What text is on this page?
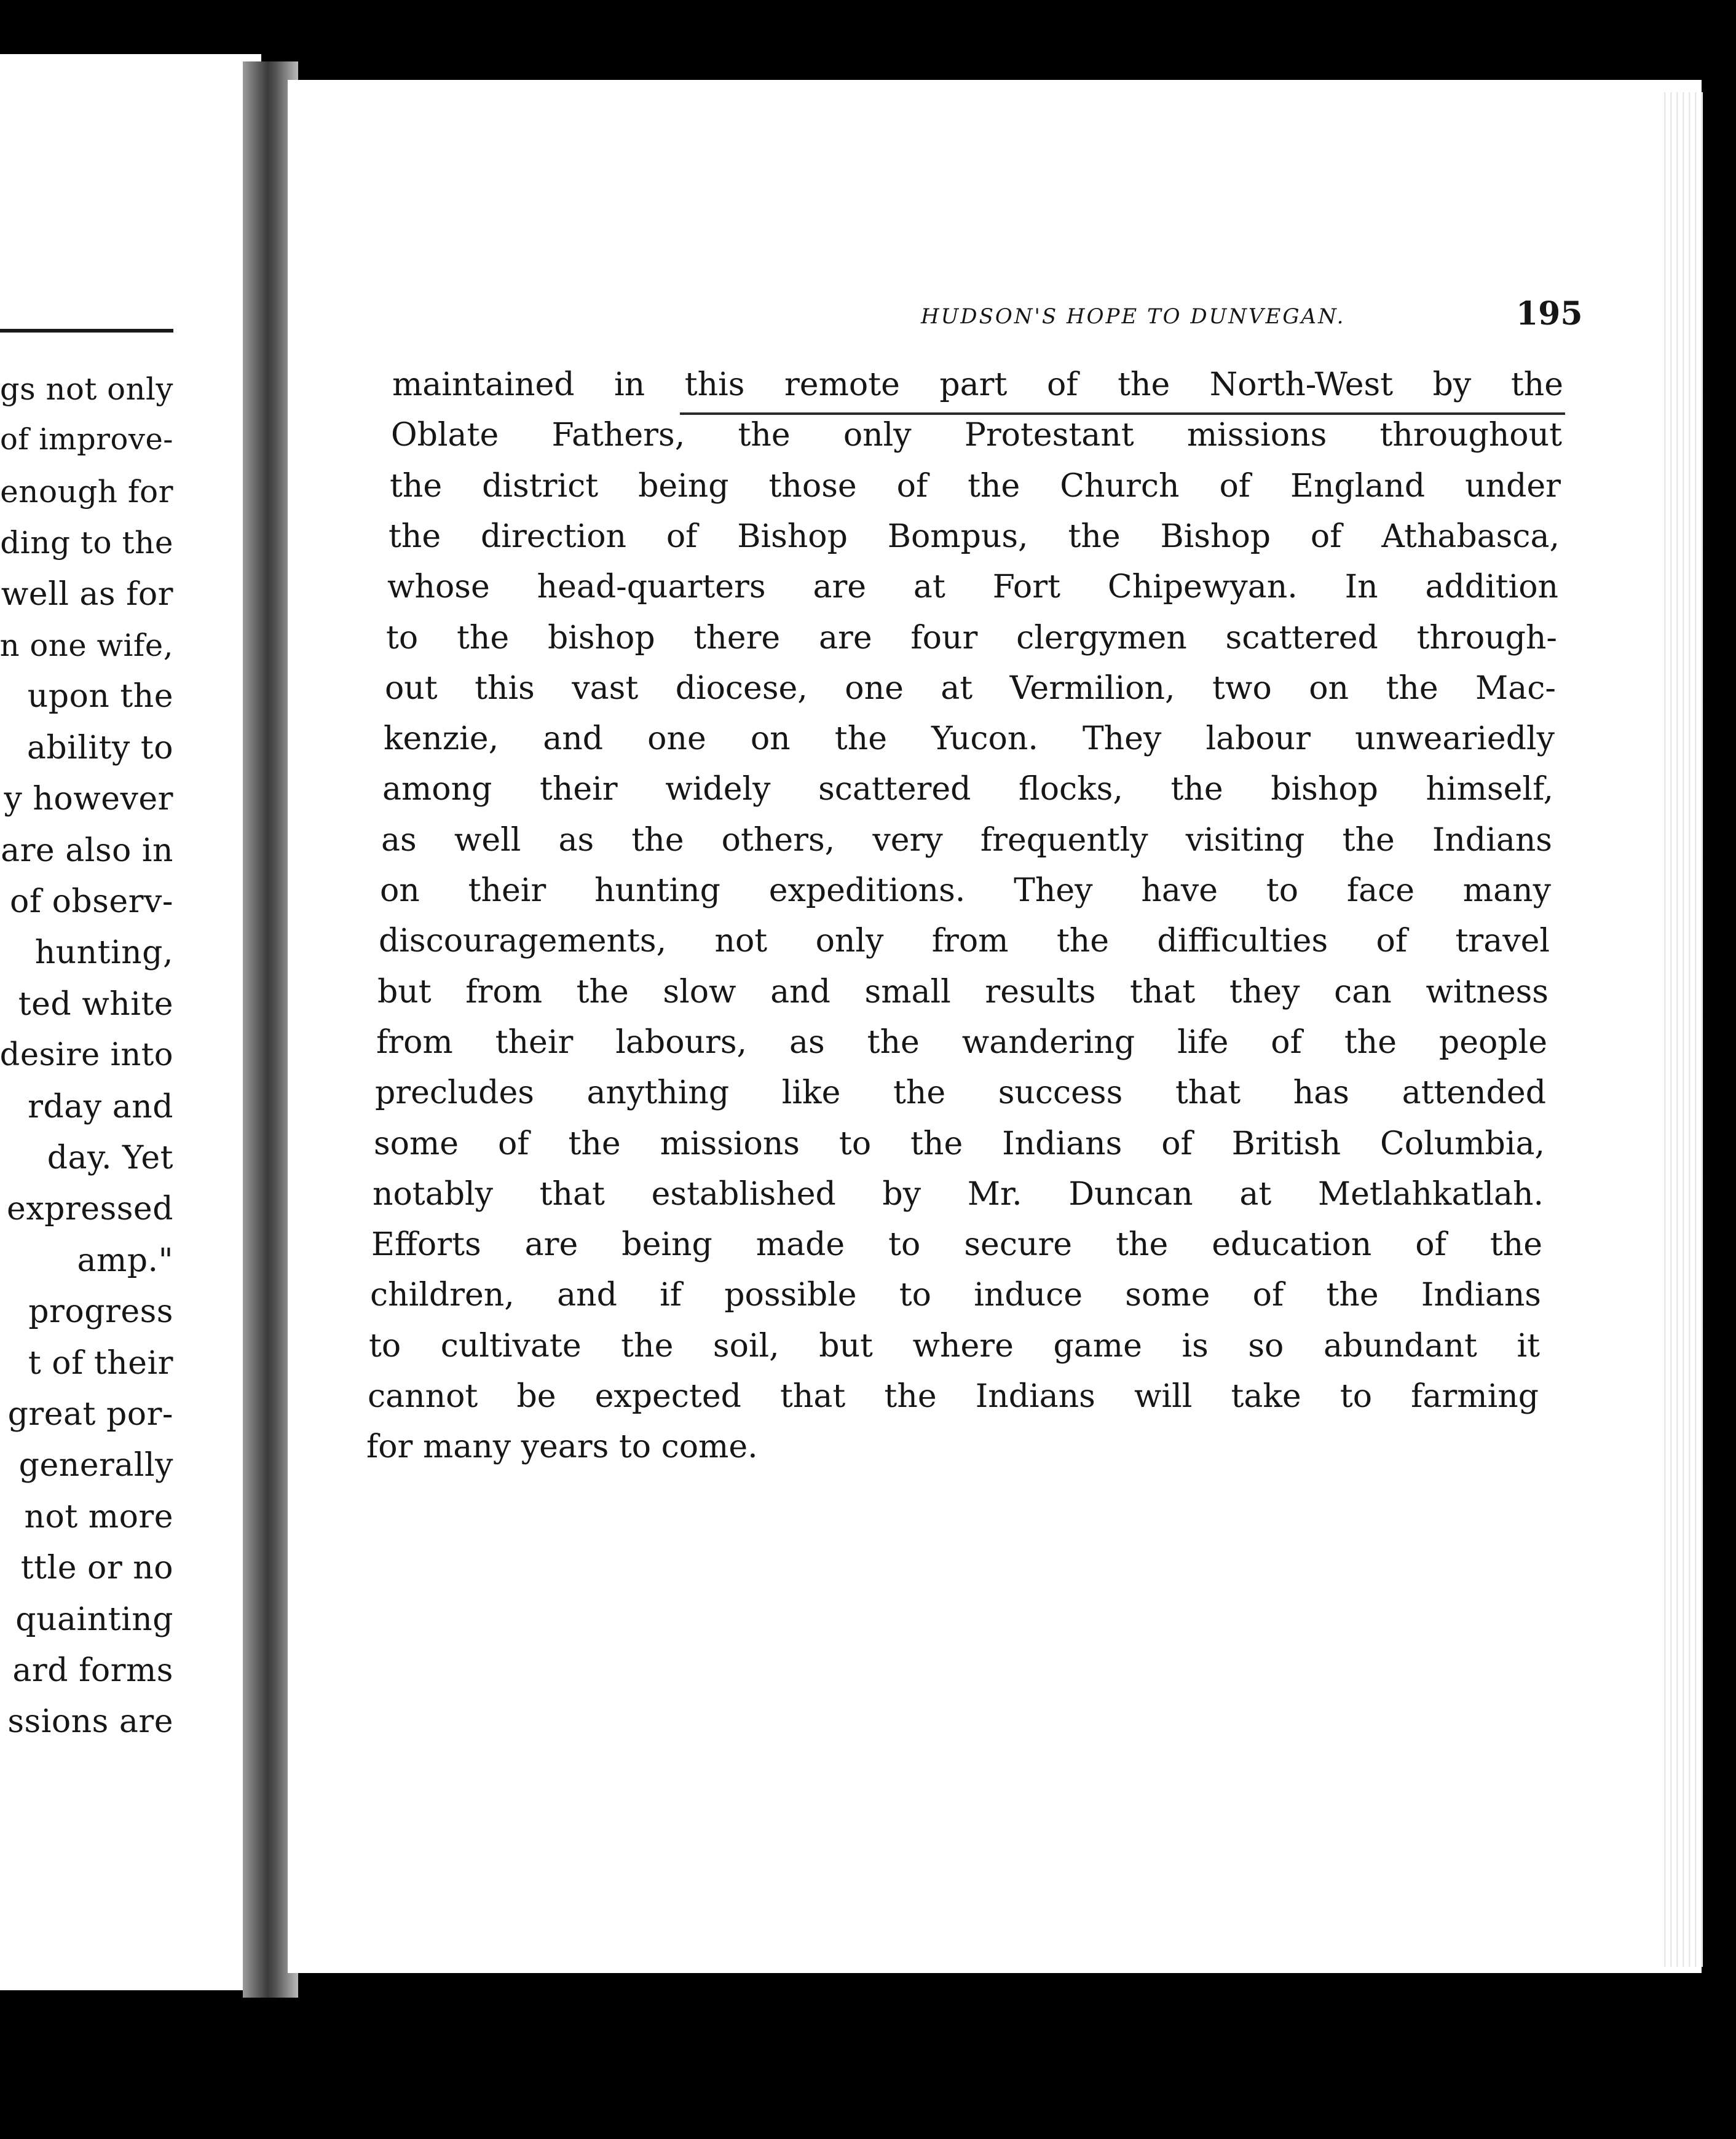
gs not only
of improve-
enough for
ding to the
well as for
n one wife,
upon the
ability to
y however
are also in
of observ-
hunting,
ted white
desire into
rday and
day. Yet
expressed
amp."
progress
t of their
great por-
generally
not more
ttle or no
quainting
ard forms
ssions are
HUDSON'S HOPE TO DUNVEGAN.	195
maintained in this remote part of the North-West by the
Oblate Fathers, the only Protestant missions throughout
the district being those of the Church of England under
the direction of Bishop Bompus, the Bishop of Athabasca,
whose head-quarters are at Fort Chipewyan. In addition
to the bishop there are four clergymen scattered through-
out this vast diocese, one at Vermilion, two on the Mac-
kenzie, and one on the Yucon. They labour unweariedly
among their widely scattered flocks, the bishop himself,
as well as the others, very frequently visiting the Indians
on their hunting expeditions. They have to face many
discouragements, not only from the difficulties of travel
but from the slow and small results that they can witness
from their labours, as the wandering life of the people
precludes anything like the success that has attended
some of the missions to the Indians of British Columbia,
notably that established by Mr. Duncan at Metlahkatlah.
Efforts are being made to secure the education of the
children, and if possible to induce some of the Indians
to cultivate the soil, but where game is so abundant it
cannot be expected that the Indians will take to farming
for many years to come.
